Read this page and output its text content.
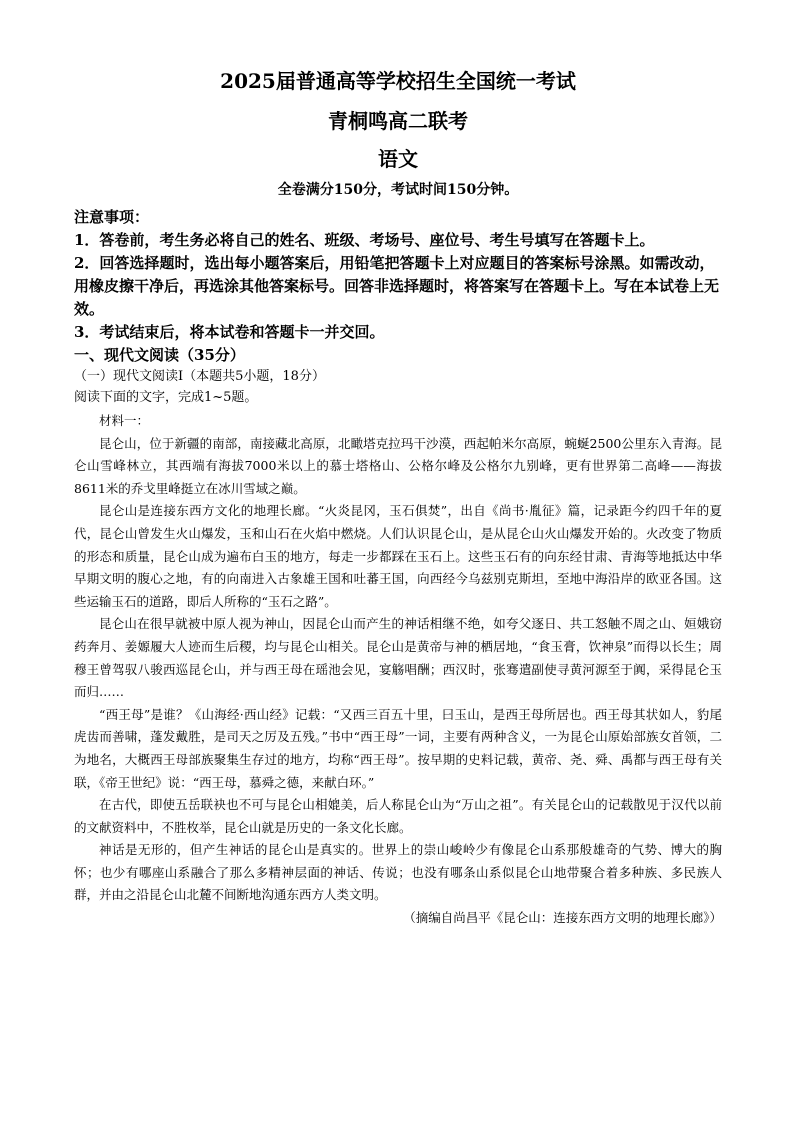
2025届普通高等学校招生全国统一考试

青桐鸣高二联考

语文

全卷满分150分，考试时间150分钟。

注意事项：

1．答卷前，考生务必将自己的姓名、班级、考场号、座位号、考生号填写在答题卡上。

2．回答选择题时，选出每小题答案后，用铅笔把答题卡上对应题目的答案标号涂黑。如需改动，用橡皮擦干净后，再选涂其他答案标号。回答非选择题时，将答案写在答题卡上。写在本试卷上无效。

3．考试结束后，将本试卷和答题卡一并交回。

一、现代文阅读（35分）

（一）现代文阅读Ⅰ（本题共5小题，18分）

阅读下面的文字，完成1~5题。

材料一：

昆仑山，位于新疆的南部，南接藏北高原，北瞰塔克拉玛干沙漠，西起帕米尔高原，蜿蜒2500公里东入青海。昆仑山雪峰林立，其西端有海拔7000米以上的慕士塔格山、公格尔峰及公格尔九别峰，更有世界第二高峰——海拔8611米的乔戈里峰挺立在冰川雪域之巅。

昆仑山是连接东西方文化的地理长廊。“火炎昆冈，玉石俱焚”，出自《尚书·胤征》篇，记录距今约四千年的夏代，昆仑山曾发生火山爆发，玉和山石在火焰中燃烧。人们认识昆仑山，是从昆仑山火山爆发开始的。火改变了物质的形态和质量，昆仑山成为遍布白玉的地方，每走一步都踩在玉石上。这些玉石有的向东经甘肃、青海等地抵达中华早期文明的腹心之地，有的向南进入古象雄王国和吐蕃王国，向西经今乌兹别克斯坦，至地中海沿岸的欧亚各国。这些运输玉石的道路，即后人所称的“玉石之路”。

昆仑山在很早就被中原人视为神山，因昆仑山而产生的神话相继不绝，如夸父逐日、共工怒触不周之山、姮娥窃药奔月、姜嫄履大人迹而生后稷，均与昆仑山相关。昆仑山是黄帝与神的栖居地，“食玉膏，饮神泉”而得以长生；周穆王曾驾驭八骏西巡昆仑山，并与西王母在瑶池会见，宴觞唱酬；西汉时，张骞遣副使寻黄河源至于阗，采得昆仑玉而归……

“西王母”是谁？《山海经·西山经》记载：“又西三百五十里，曰玉山，是西王母所居也。西王母其状如人，豹尾虎齿而善啸，蓬发戴胜，是司天之厉及五残。”书中“西王母”一词，主要有两种含义，一为昆仑山原始部族女首领，二为地名，大概西王母部族聚集生存过的地方，均称“西王母”。按早期的史料记载，黄帝、尧、舜、禹都与西王母有关联，《帝王世纪》说：“西王母，慕舜之德，来献白环。”

在古代，即使五岳联袂也不可与昆仑山相媲美，后人称昆仑山为“万山之祖”。有关昆仑山的记载散见于汉代以前的文献资料中，不胜枚举，昆仑山就是历史的一条文化长廊。

神话是无形的，但产生神话的昆仑山是真实的。世界上的崇山峻岭少有像昆仑山系那般雄奇的气势、博大的胸怀；也少有哪座山系融合了那么多精神层面的神话、传说；也没有哪条山系似昆仑山地带聚合着多种族、多民族人群，并由之沿昆仑山北麓不间断地沟通东西方人类文明。

（摘编自尚昌平《昆仑山：连接东西方文明的地理长廊》）
